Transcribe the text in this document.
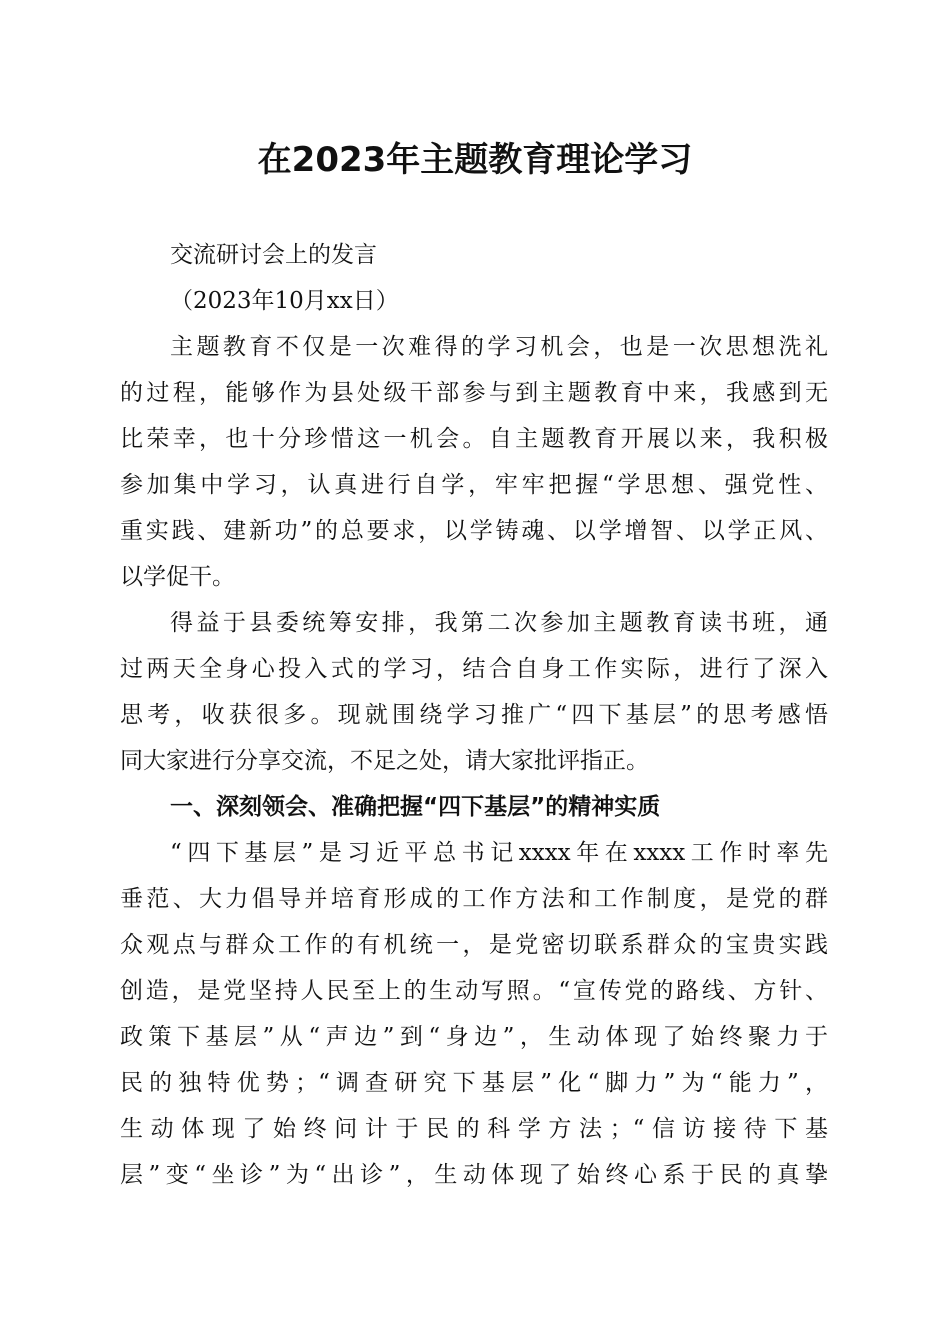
在2023年主题教育理论学习
交流研讨会上的发言
（2023年10月xx日）
主题教育不仅是一次难得的学习机会，也是一次思想洗礼
的过程，能够作为县处级干部参与到主题教育中来，我感到无
比荣幸，也十分珍惜这一机会。自主题教育开展以来，我积极
参加集中学习，认真进行自学，牢牢把握“学思想、强党性、
重实践、建新功”的总要求，以学铸魂、以学增智、以学正风、
以学促干。
得益于县委统筹安排，我第二次参加主题教育读书班，通
过两天全身心投入式的学习，结合自身工作实际，进行了深入
思考，收获很多。现就围绕学习推广“四下基层”的思考感悟
同大家进行分享交流，不足之处，请大家批评指正。
一、深刻领会、准确把握“四下基层”的精神实质
“四下基层”是习近平总书记xxxx年在xxxx工作时率先
垂范、大力倡导并培育形成的工作方法和工作制度，是党的群
众观点与群众工作的有机统一，是党密切联系群众的宝贵实践
创造，是党坚持人民至上的生动写照。“宣传党的路线、方针、
政策下基层”从“声边”到“身边”，生动体现了始终聚力于
民的独特优势；“调查研究下基层”化“脚力”为“能力”，
生动体现了始终问计于民的科学方法；“信访接待下基
层”变“坐诊”为“出诊”，生动体现了始终心系于民的真挚
